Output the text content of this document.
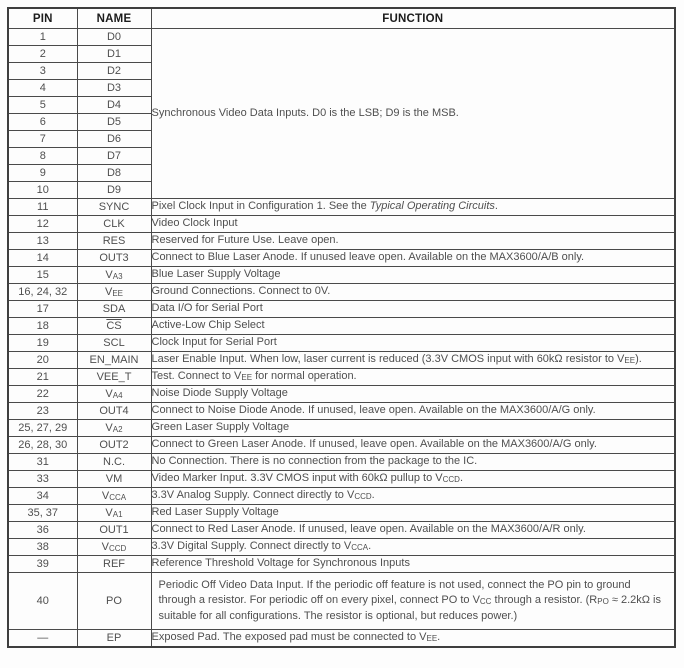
PIN	NAME	FUNCTION
1	D0	Synchronous Video Data Inputs. D0 is the LSB; D9 is the MSB.
2	D1	
3	D2	
4	D3	
5	D4	
6	D5	
7	D6	
8	D7	
9	D8	
10	D9	
11	SYNC	Pixel Clock Input in Configuration 1. See the Typical Operating Circuits.
12	CLK	Video Clock Input
13	RES	Reserved for Future Use. Leave open.
14	OUT3	Connect to Blue Laser Anode. If unused leave open. Available on the MAX3600/A/B only.
15	$V_{A3}$	Blue Laser Supply Voltage
16, 24, 32	$V_{EE}$	Ground Connections. Connect to 0V.
17	SDA	Data I/O for Serial Port
18	$\overline{CS}$	Active-Low Chip Select
19	SCL	Clock Input for Serial Port
20	EN_MAIN	Laser Enable Input. When low, laser current is reduced (3.3V CMOS input with 60kΩ resistor to $V_{EE}$).
21	VEE_T	Test. Connect to $V_{EE}$ for normal operation.
22	$V_{A4}$	Noise Diode Supply Voltage
23	OUT4	Connect to Noise Diode Anode. If unused, leave open. Available on the MAX3600/A/G only.
25, 27, 29	$V_{A2}$	Green Laser Supply Voltage
26, 28, 30	OUT2	Connect to Green Laser Anode. If unused, leave open. Available on the MAX3600/A/G only.
31	N.C.	No Connection. There is no connection from the package to the IC.
33	VM	Video Marker Input. 3.3V CMOS input with 60kΩ pullup to $V_{CCD}$.
34	$V_{CCA}$	3.3V Analog Supply. Connect directly to $V_{CCD}$.
35, 37	$V_{A1}$	Red Laser Supply Voltage
36	OUT1	Connect to Red Laser Anode. If unused, leave open. Available on the MAX3600/A/R only.
38	$V_{CCD}$	3.3V Digital Supply. Connect directly to $V_{CCA}$.
39	REF	Reference Threshold Voltage for Synchronous Inputs
40	PO	Periodic Off Video Data Input. If the periodic off feature is not used, connect the PO pin to ground through a resistor. For periodic off on every pixel, connect PO to $V_{CC}$ through a resistor. ($R_{PO} \approx 2.2k\Omega$ is suitable for all configurations. The resistor is optional, but reduces power.)
—	EP	Exposed Pad. The exposed pad must be connected to $V_{EE}$.
